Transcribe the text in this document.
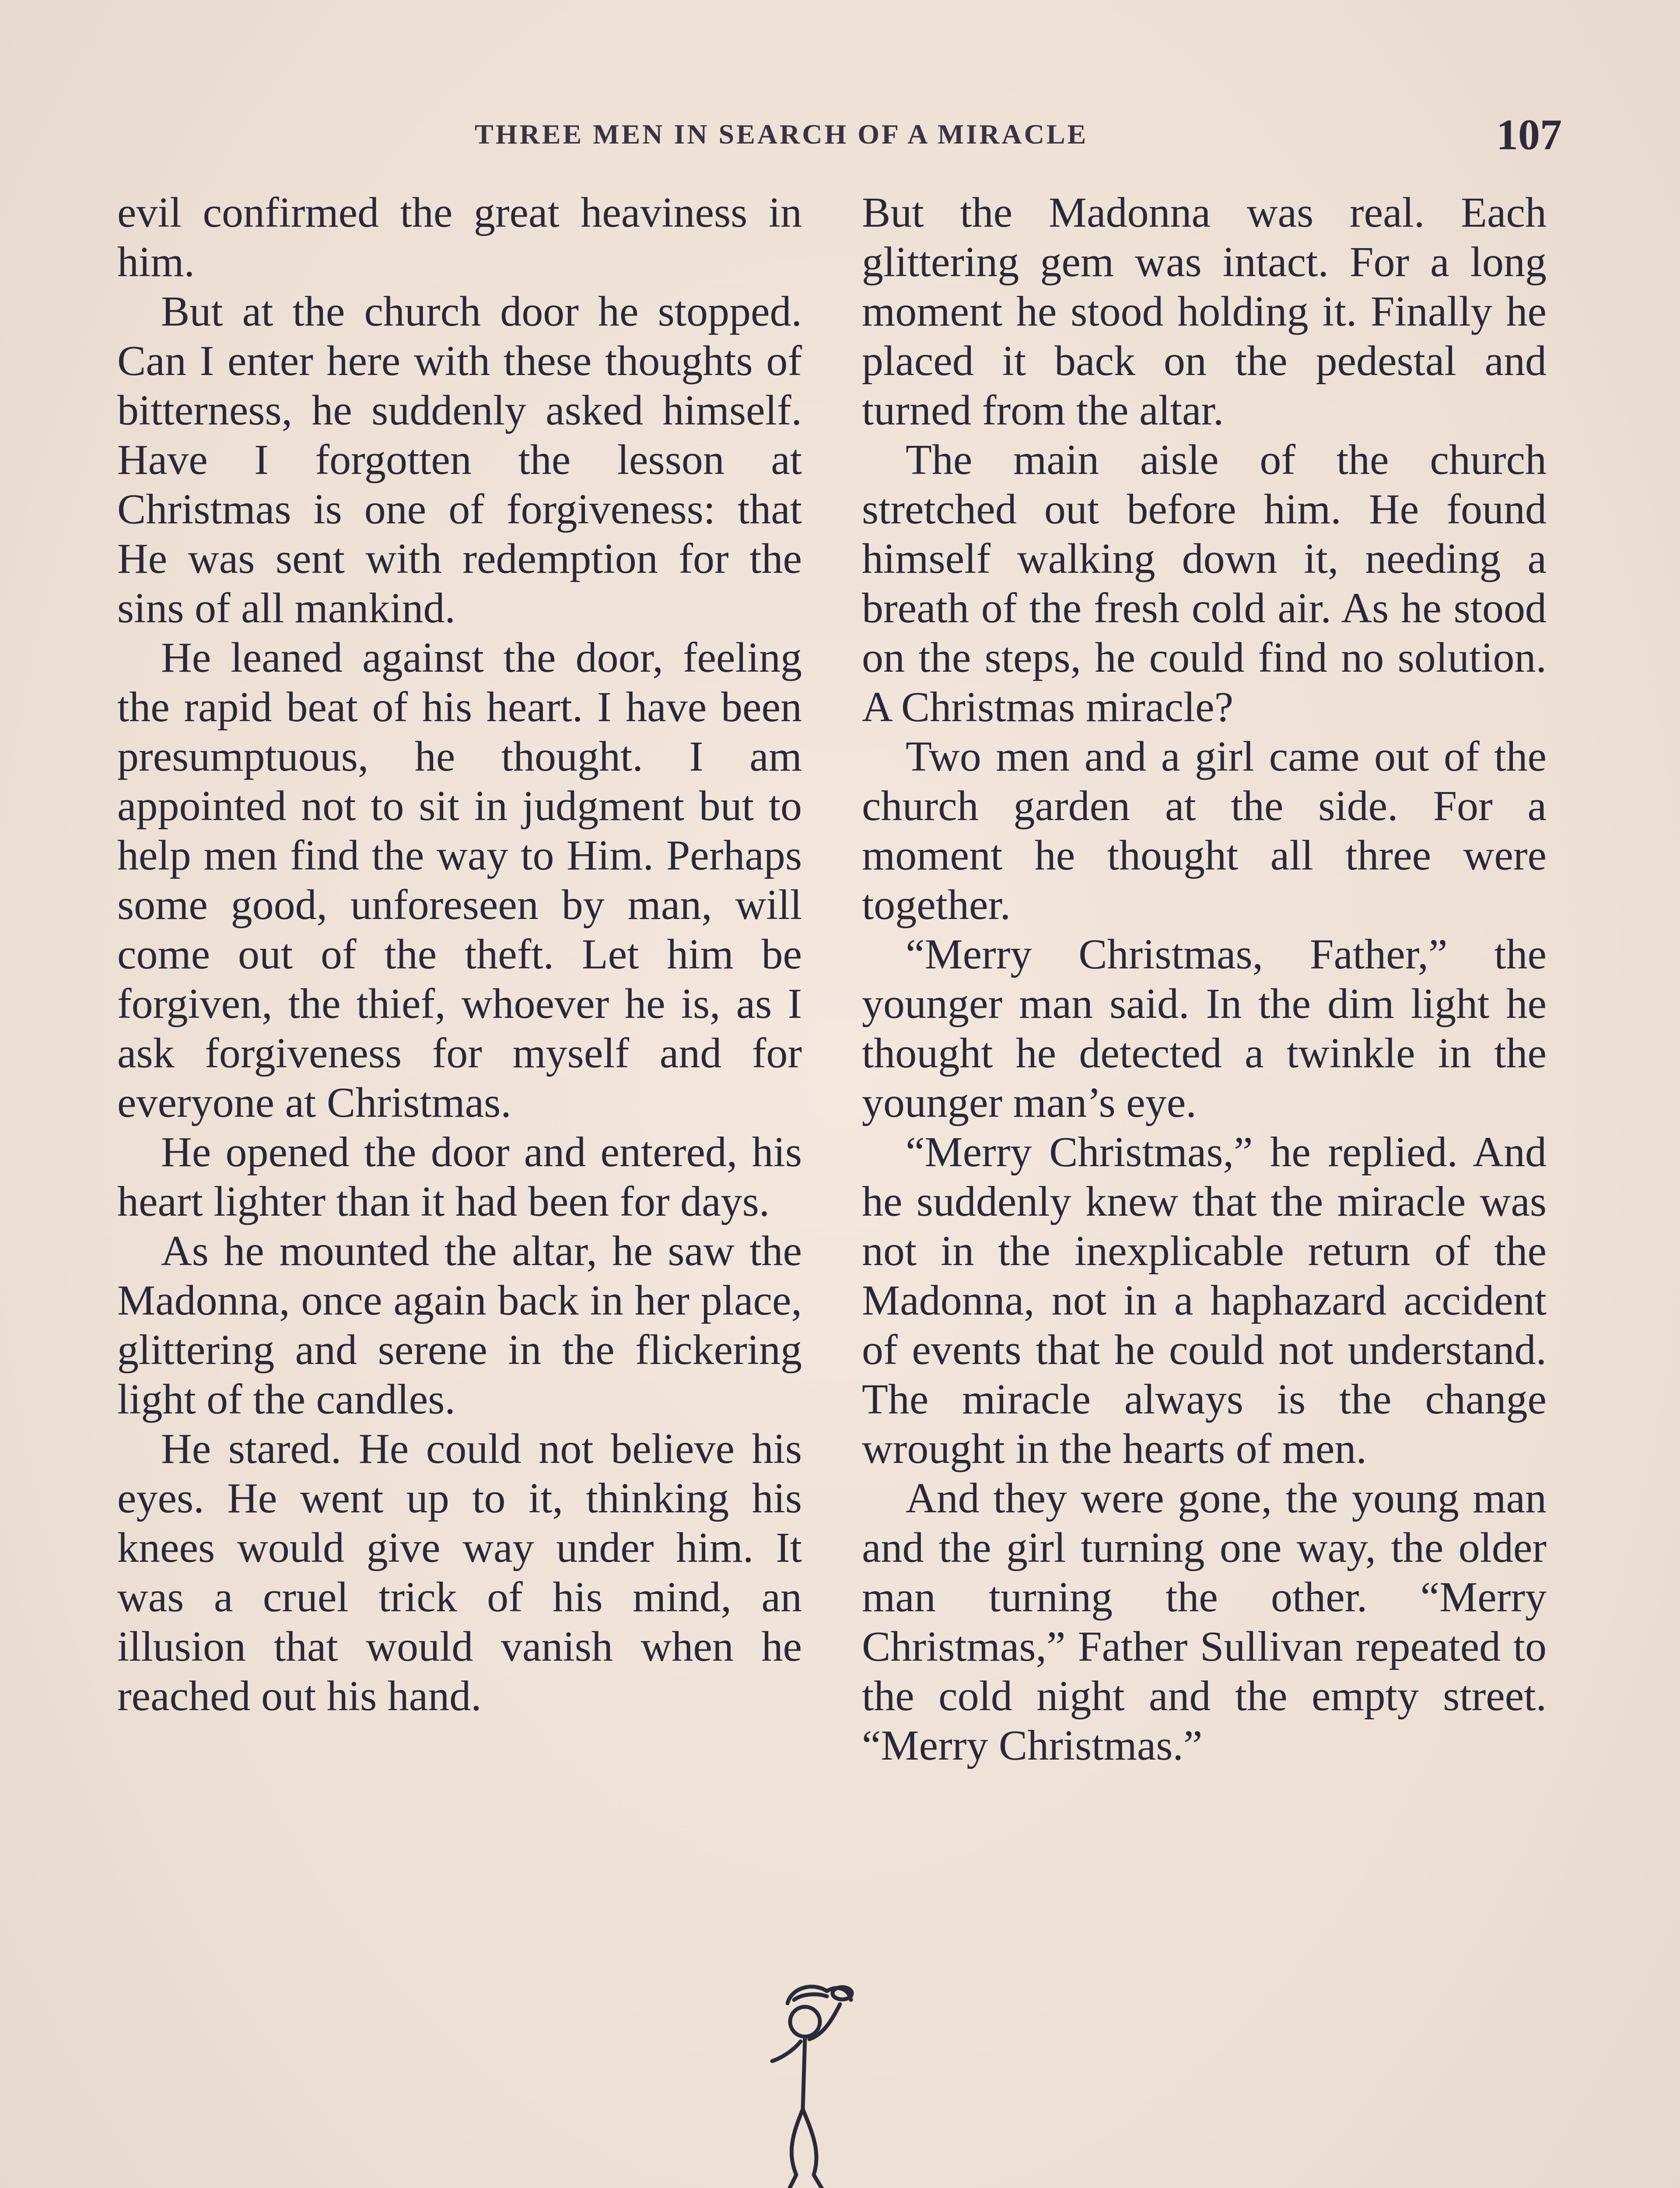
THREE MEN IN SEARCH OF A MIRACLE	107

evil confirmed the great heaviness in him.

But at the church door he stopped. Can I enter here with these thoughts of bitterness, he suddenly asked himself. Have I forgotten the lesson at Christmas is one of forgiveness: that He was sent with redemption for the sins of all mankind.

He leaned against the door, feeling the rapid beat of his heart. I have been presumptuous, he thought. I am appointed not to sit in judgment but to help men find the way to Him. Perhaps some good, unforeseen by man, will come out of the theft. Let him be forgiven, the thief, whoever he is, as I ask forgiveness for myself and for everyone at Christmas.

He opened the door and entered, his heart lighter than it had been for days.

As he mounted the altar, he saw the Madonna, once again back in her place, glittering and serene in the flickering light of the candles.

He stared. He could not believe his eyes. He went up to it, thinking his knees would give way under him. It was a cruel trick of his mind, an illusion that would vanish when he reached out his hand.

But the Madonna was real. Each glittering gem was intact. For a long moment he stood holding it. Finally he placed it back on the pedestal and turned from the altar.

The main aisle of the church stretched out before him. He found himself walking down it, needing a breath of the fresh cold air. As he stood on the steps, he could find no solution. A Christmas miracle?

Two men and a girl came out of the church garden at the side. For a moment he thought all three were together.

“Merry Christmas, Father,” the younger man said. In the dim light he thought he detected a twinkle in the younger man’s eye.

“Merry Christmas,” he replied. And he suddenly knew that the miracle was not in the inexplicable return of the Madonna, not in a haphazard accident of events that he could not understand. The miracle always is the change wrought in the hearts of men.

And they were gone, the young man and the girl turning one way, the older man turning the other. “Merry Christmas,” Father Sullivan repeated to the cold night and the empty street. “Merry Christmas.”
